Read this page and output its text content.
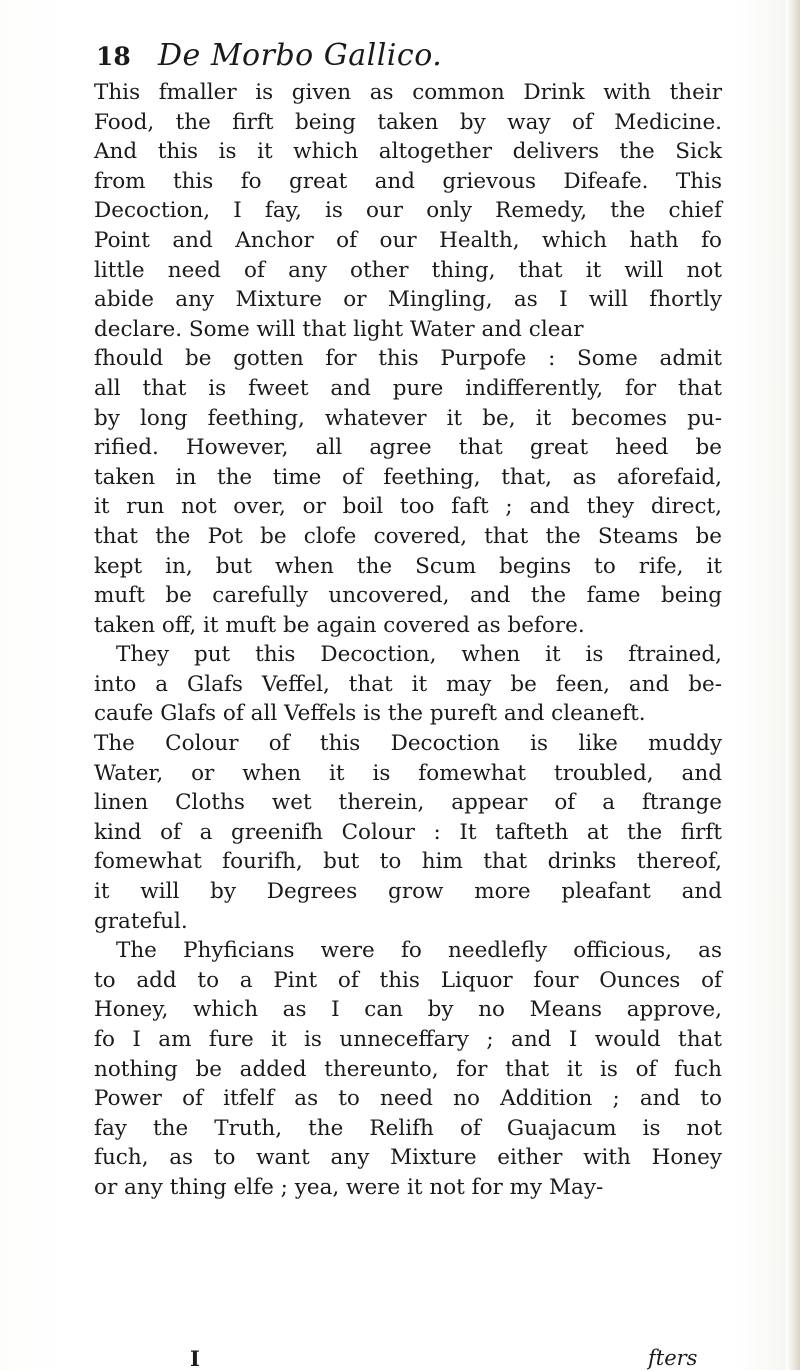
18 De Morbo Gallico.
This fmaller is given as common Drink with their
Food, the firft being taken by way of Medicine.
And this is it which altogether delivers the Sick
from this fo great and grievous Difeafe. This
Decoction, I fay, is our only Remedy, the chief
Point and Anchor of our Health, which hath fo
little need of any other thing, that it will not
abide any Mixture or Mingling, as I will fhortly
declare. Some will that light Water and clear
fhould be gotten for this Purpofe : Some admit
all that is fweet and pure indifferently, for that
by long feething, whatever it be, it becomes pu-
rified. However, all agree that great heed be
taken in the time of feething, that, as aforefaid,
it run not over, or boil too faft ; and they direct,
that the Pot be clofe covered, that the Steams be
kept in, but when the Scum begins to rife, it
muft be carefully uncovered, and the fame being
taken off, it muft be again covered as before.
They put this Decoction, when it is ftrained,
into a Glafs Veffel, that it may be feen, and be-
caufe Glafs of all Veffels is the pureft and cleaneft.
The Colour of this Decoction is like muddy
Water, or when it is fomewhat troubled, and
linen Cloths wet therein, appear of a ftrange
kind of a greenifh Colour : It tafteth at the firft
fomewhat fourifh, but to him that drinks thereof,
it will by Degrees grow more pleafant and
grateful.
The Phyficians were fo needlefly officious, as
to add to a Pint of this Liquor four Ounces of
Honey, which as I can by no Means approve,
fo I am fure it is unneceffary ; and I would that
nothing be added thereunto, for that it is of fuch
Power of itfelf as to need no Addition ; and to
fay the Truth, the Relifh of Guajacum is not
fuch, as to want any Mixture either with Honey
or any thing elfe ; yea, were it not for my May-
I	fters
